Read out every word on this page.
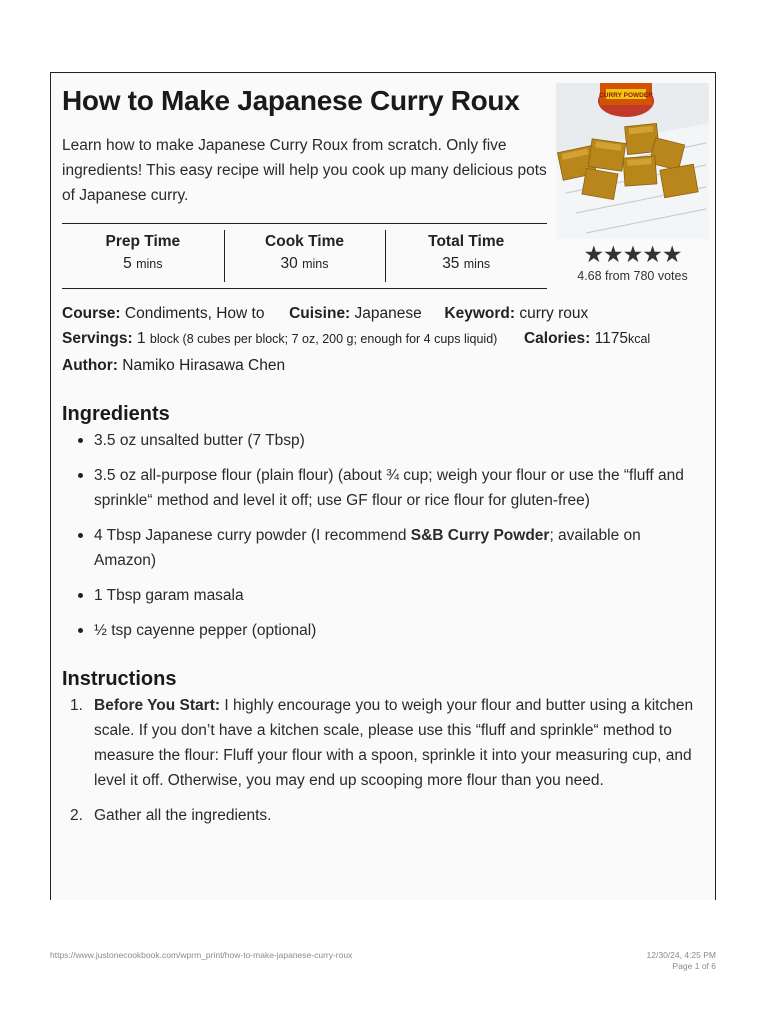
How to Make Japanese Curry Roux
Learn how to make Japanese Curry Roux from scratch. Only five ingredients! This easy recipe will help you cook up many delicious pots of Japanese curry.
CURRY POWDER
★★★★★
4.68 from 780 votes
Prep Time
5 mins
Cook Time
30 mins
Total Time
35 mins
Course: Condiments, How to Cuisine: Japanese Keyword: curry roux
Servings: 1 block (8 cubes per block; 7 oz, 200 g; enough for 4 cups liquid) Calories: 1175kcal
Author: Namiko Hirasawa Chen
Ingredients
3.5 oz unsalted butter (7 Tbsp)
3.5 oz all-purpose flour (plain flour) (about ¾ cup; weigh your flour or use the “fluff and sprinkle“ method and level it off; use GF flour or rice flour for gluten-free)
4 Tbsp Japanese curry powder (I recommend S&B Curry Powder; available on Amazon)
1 Tbsp garam masala
½ tsp cayenne pepper (optional)
Instructions
1. Before You Start: I highly encourage you to weigh your flour and butter using a kitchen scale. If you don’t have a kitchen scale, please use this “fluff and sprinkle“ method to measure the flour: Fluff your flour with a spoon, sprinkle it into your measuring cup, and level it off. Otherwise, you may end up scooping more flour than you need.
2. Gather all the ingredients.
https://www.justonecookbook.com/wprm_print/how-to-make-japanese-curry-roux	12/30/24, 4:25 PM
Page 1 of 6
